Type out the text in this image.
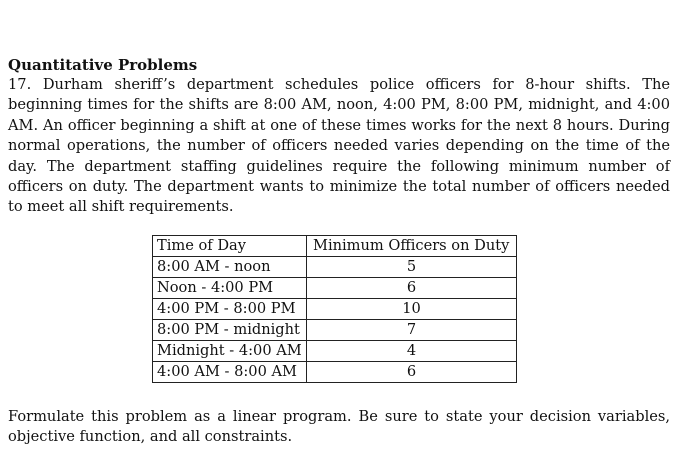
Quantitative Problems

17. Durham sheriff’s department schedules police officers for 8-hour shifts. The beginning times for the shifts are 8:00 AM, noon, 4:00 PM, 8:00 PM, midnight, and 4:00 AM. An officer beginning a shift at one of these times works for the next 8 hours. During normal operations, the number of officers needed varies depending on the time of the day. The department staffing guidelines require the following minimum number of officers on duty. The department wants to minimize the total number of officers needed to meet all shift requirements.

Time of Day	Minimum Officers on Duty
8:00 AM - noon	5
Noon - 4:00 PM	6
4:00 PM - 8:00 PM	10
8:00 PM - midnight	7
Midnight - 4:00 AM	4
4:00 AM - 8:00 AM	6

Formulate this problem as a linear program. Be sure to state your decision variables, objective function, and all constraints.
